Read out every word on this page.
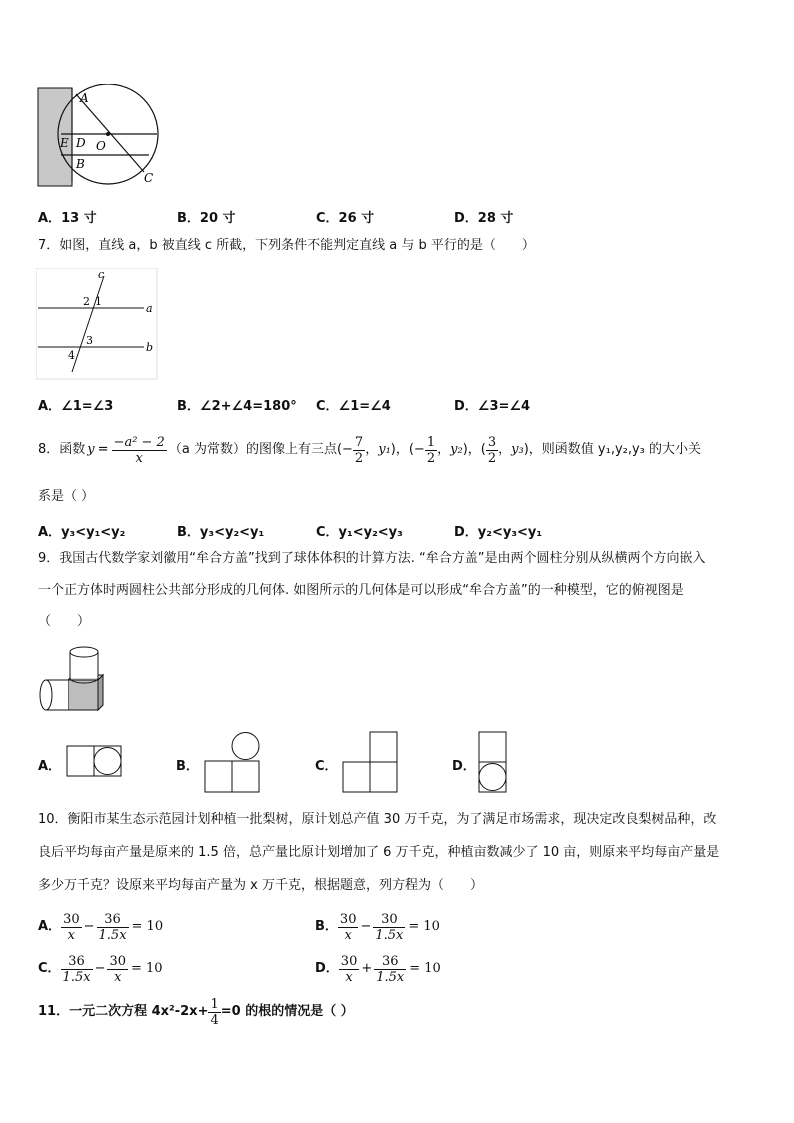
A
D O
E
B
C
A．13 寸	B．20 寸	C．26 寸	D．28 寸
7．如图，直线 a，b 被直线 c 所截，下列条件不能判定直线 a 与 b 平行的是（　　）
c
a
b
1
2
3
4
A．∠1=∠3	B．∠2+∠4=180° C．∠1=∠4	D．∠3=∠4
8．函数 $y = \frac{\text{−a² − 2}}{x} (a$ 为常数）的图像上有三点 (− $\frac{7}{2}$ ， y₁ )， (− $\frac{1}{2}$ ， y₂ )， ( $\frac{3}{2}$ ， y₃ ) ，则函数值 y₁,y₂,y₃ 的大小关
系是（ ）
A．y₃<y₁<y₂	B．y₃<y₂<y₁	C．y₁<y₂<y₃	D．y₂<y₃<y₁
9．我国古代数学家刘徽用“牟合方盖”找到了球体体积的计算方法. “牟合方盖”是由两个圆柱分别从纵横两个方向嵌入
一个正方体时两圆柱公共部分形成的几何体. 如图所示的几何体是可以形成“牟合方盖”的一种模型，它的俯视图是
（　　）
A．	B．	C．	D．
10．衡阳市某生态示范园计划种植一批梨树，原计划总产值 30 万千克，为了满足市场需求，现决定改良梨树品种，改
良后平均每亩产量是原来的 1.5 倍，总产量比原计划增加了 6 万千克，种植亩数减少了 10 亩，则原来平均每亩产量是
多少万千克？设原来平均每亩产量为 x 万千克，根据题意，列方程为（　　）
A． $\frac{30}{x} - \frac{36}{1.5x} = 10$	B． $\frac{30}{x} - \frac{30}{1.5x} = 10$
C． $\frac{36}{1.5x} - \frac{30}{x} = 10$	D． $\frac{30}{x} + \frac{36}{1.5x} = 10$
11．一元二次方程 $4x^2-2x+ \frac{1}{4} =0$ 的根的情况是（ ）
